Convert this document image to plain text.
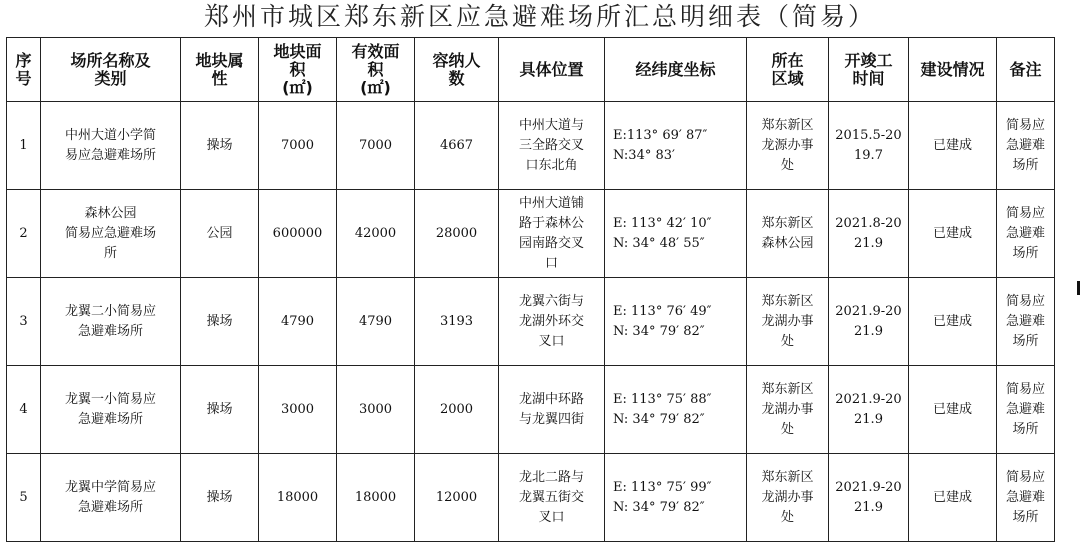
郑州市城区郑东新区应急避难场所汇总明细表（简易）
序
号	场所名称及
类别	地块属
性	地块面
积
(㎡)	有效面
积
(㎡)	容纳人
数	具体位置	经纬度坐标	所在
区域	开竣工
时间	建设情况	备注
1	中州大道小学简
易应急避难场所	操场	7000	7000	4667	中州大道与
三全路交叉
口东北角	E:113° 69′ 87″
N:34° 83′	郑东新区
龙源办事
处	2015.5-20
19.7	已建成	简易应
急避难
场所
2	森林公园
简易应急避难场
所	公园	600000	42000	28000	中州大道铺
路于森林公
园南路交叉
口	E: 113° 42′ 10″
N: 34° 48′ 55″	郑东新区
森林公园	2021.8-20
21.9	已建成	简易应
急避难
场所
3	龙翼二小简易应
急避难场所	操场	4790	4790	3193	龙翼六街与
龙湖外环交
叉口	E: 113° 76′ 49″
N: 34° 79′ 82″	郑东新区
龙湖办事
处	2021.9-20
21.9	已建成	简易应
急避难
场所
4	龙翼一小简易应
急避难场所	操场	3000	3000	2000	龙湖中环路
与龙翼四街	E: 113° 75′ 88″
N: 34° 79′ 82″	郑东新区
龙湖办事
处	2021.9-20
21.9	已建成	简易应
急避难
场所
5	龙翼中学简易应
急避难场所	操场	18000	18000	12000	龙北二路与
龙翼五街交
叉口	E: 113° 75′ 99″
N: 34° 79′ 82″	郑东新区
龙湖办事
处	2021.9-20
21.9	已建成	简易应
急避难
场所
